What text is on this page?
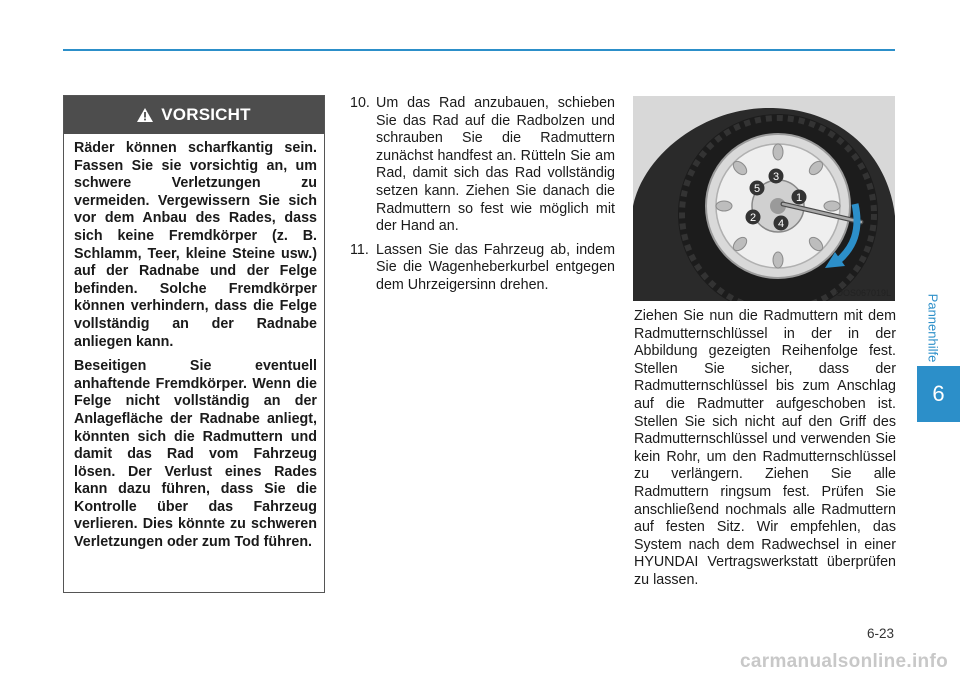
VORSICHT

Räder können scharfkantig sein. Fassen Sie sie vorsichtig an, um schwere Verletzungen zu vermeiden. Vergewissern Sie sich vor dem Anbau des Rades, dass sich keine Fremdkörper (z. B. Schlamm, Teer, kleine Steine usw.) auf der Radnabe und der Felge befinden. Solche Fremdkörper können verhindern, dass die Felge vollständig an der Radnabe anliegen kann.

Beseitigen Sie eventuell anhaftende Fremdkörper. Wenn die Felge nicht vollständig an der Anlagefläche der Radnabe anliegt, könnten sich die Radmuttern und damit das Rad vom Fahrzeug lösen. Der Verlust eines Rades kann dazu führen, dass Sie die Kontrolle über das Fahrzeug verlieren. Dies könnte zu schweren Verletzungen oder zum Tod führen.

10. Um das Rad anzubauen, schieben Sie das Rad auf die Radbolzen und schrauben Sie die Radmuttern zunächst handfest an. Rütteln Sie am Rad, damit sich das Rad vollständig setzen kann. Ziehen Sie danach die Radmuttern so fest wie möglich mit der Hand an.
11. Lassen Sie das Fahrzeug ab, indem Sie die Wagenheberkurbel entgegen dem Uhrzeigersinn drehen.
1
2
3
4
5
OOS067019L

Ziehen Sie nun die Radmuttern mit dem Radmutternschlüssel in der in der Abbildung gezeigten Reihenfolge fest. Stellen Sie sicher, dass der Radmutternschlüssel bis zum Anschlag auf die Radmutter aufgeschoben ist. Stellen Sie sich nicht auf den Griff des Radmutternschlüssel und verwenden Sie kein Rohr, um den Radmutternschlüssel zu verlängern. Ziehen Sie alle Radmuttern ringsum fest. Prüfen Sie anschließend nochmals alle Radmuttern auf festen Sitz. Wir empfehlen, das System nach dem Radwechsel in einer HYUNDAI Vertragswerkstatt überprüfen zu lassen.

Pannenhilfe
6
6-23
carmanualsonline.info
